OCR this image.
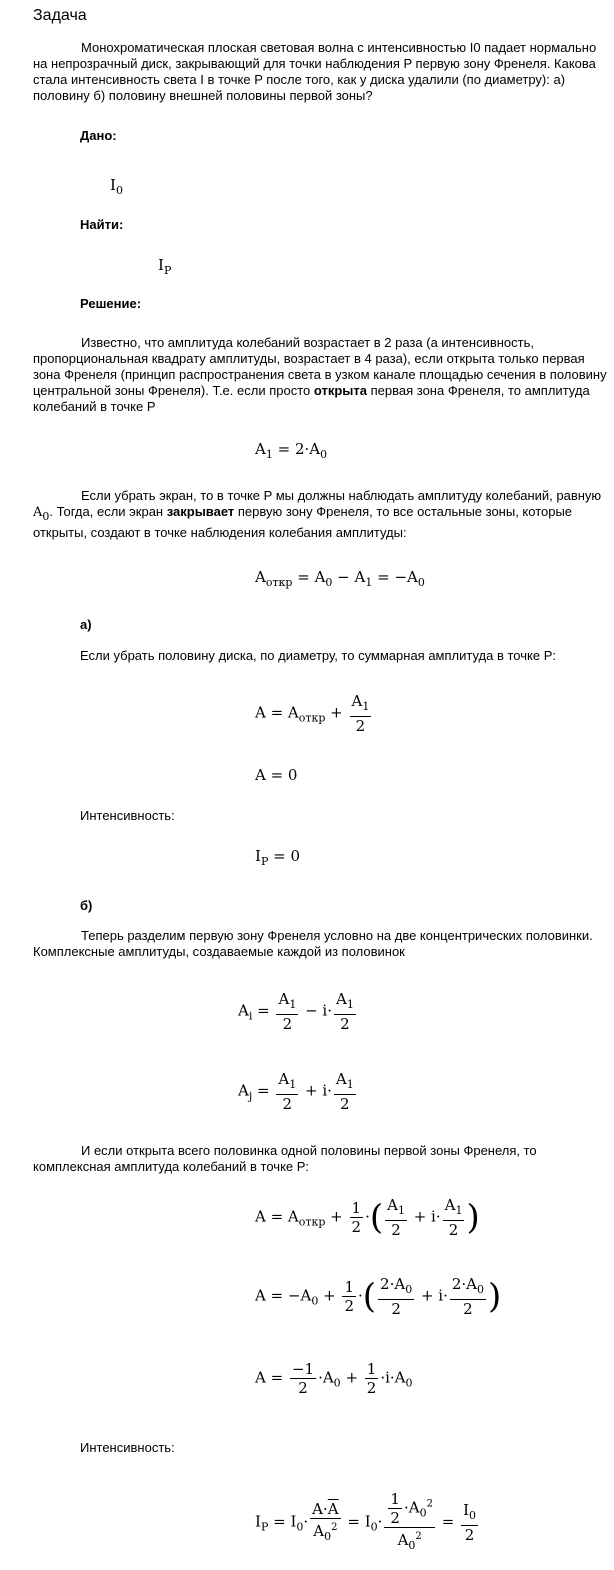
Задача

Монохроматическая плоская световая волна с интенсивностью I0 падает нормально на непрозрачный диск, закрывающий для точки наблюдения P первую зону Френеля. Какова стала интенсивность света I в точке P после того, как у диска удалили (по диаметру): а) половину б) половину внешней половины первой зоны?

Дано:
$I_0$
Найти:
$I_P$
Решение:

Известно, что амплитуда колебаний возрастает в 2 раза (а интенсивность, пропорциональная квадрату амплитуды, возрастает в 4 раза), если открыта только первая зона Френеля (принцип распространения света в узком канале площадью сечения в половину центральной зоны Френеля). Т.е. если просто открыта первая зона Френеля, то амплитуда колебаний в точке Р

$A_1 = 2\cdot A_0$

Если убрать экран, то в точке P мы должны наблюдать амплитуду колебаний, равную $A_0$. Тогда, если экран закрывает первую зону Френеля, то все остальные зоны, которые открыты, создают в точке наблюдения колебания амплитуды:

$A_{откр} = A_0 - A_1 = -A_0$
а)
Если убрать половину диска, по диаметру, то суммарная амплитуда в точке P:
$A = A_{откр} + \frac{A_1}{2}$
A = 0
Интенсивность:
$I_P = 0$
б)

Теперь разделим первую зону Френеля условно на две концентрических половинки. Комплексные амплитуды, создаваемые каждой из половинок

$A_i = \frac{A_1}{2} - i\cdot \frac{A_1}{2}$
$A_j = \frac{A_1}{2} + i\cdot \frac{A_1}{2}$

И если открыта всего половинка одной половины первой зоны Френеля, то комплексная амплитуда колебаний в точке P:

$A = A_{откр} + \frac{1}{2}$ ·( $\frac{A_1}{2} + i\cdot \frac{A_1}{2}$ )
$A = -A_0 + \frac{1}{2}$ ·( $\frac{2\cdot A_0}{2} + i\cdot \frac{2\cdot A_0}{2}$ )
$A = \frac{-1}{2} \cdot A_0 + \frac{1}{2} \cdot i\cdot A_0$
Интенсивность:
$I_P = I_0\cdot \frac{A\cdot\overline{A}}{A_0^2} = I_0\cdot \frac{\frac{1}{2} \cdot A_0^2}{A_0^2} = \frac{I_0}{2}$
